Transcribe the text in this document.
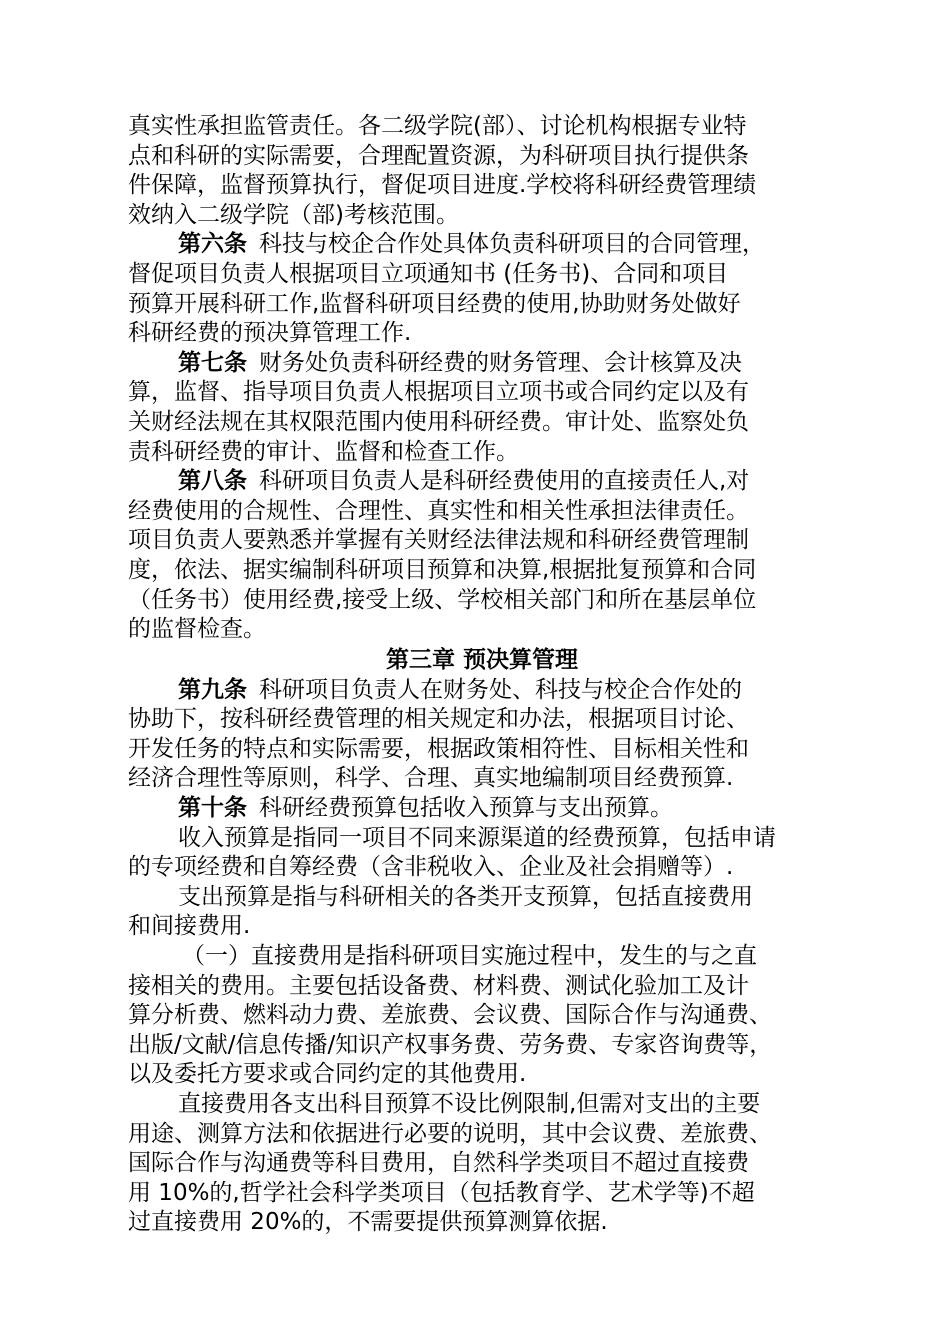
真实性承担监管责任。各二级学院(部）、讨论机构根据专业特
点和科研的实际需要，合理配置资源，为科研项目执行提供条
件保障，监督预算执行，督促项目进度.学校将科研经费管理绩
效纳入二级学院（部)考核范围。
第六条 科技与校企合作处具体负责科研项目的合同管理，
督促项目负责人根据项目立项通知书 (任务书)、合同和项目
预算开展科研工作,监督科研项目经费的使用,协助财务处做好
科研经费的预决算管理工作.
第七条 财务处负责科研经费的财务管理、会计核算及决
算，监督、指导项目负责人根据项目立项书或合同约定以及有
关财经法规在其权限范围内使用科研经费。审计处、监察处负
责科研经费的审计、监督和检查工作。
第八条 科研项目负责人是科研经费使用的直接责任人,对
经费使用的合规性、合理性、真实性和相关性承担法律责任。
项目负责人要熟悉并掌握有关财经法律法规和科研经费管理制
度，依法、据实编制科研项目预算和决算,根据批复预算和合同
（任务书）使用经费,接受上级、学校相关部门和所在基层单位
的监督检查。
第三章 预决算管理
第九条 科研项目负责人在财务处、科技与校企合作处的
协助下，按科研经费管理的相关规定和办法，根据项目讨论、
开发任务的特点和实际需要，根据政策相符性、目标相关性和
经济合理性等原则，科学、合理、真实地编制项目经费预算.
第十条 科研经费预算包括收入预算与支出预算。
收入预算是指同一项目不同来源渠道的经费预算，包括申请
的专项经费和自筹经费（含非税收入、企业及社会捐赠等）.
支出预算是指与科研相关的各类开支预算，包括直接费用
和间接费用.
（一）直接费用是指科研项目实施过程中，发生的与之直
接相关的费用。主要包括设备费、材料费、测试化验加工及计
算分析费、燃料动力费、差旅费、会议费、国际合作与沟通费、
出版/文献/信息传播/知识产权事务费、劳务费、专家咨询费等，
以及委托方要求或合同约定的其他费用.
直接费用各支出科目预算不设比例限制,但需对支出的主要
用途、测算方法和依据进行必要的说明，其中会议费、差旅费、
国际合作与沟通费等科目费用，自然科学类项目不超过直接费
用 10%的,哲学社会科学类项目（包括教育学、艺术学等)不超
过直接费用 20%的，不需要提供预算测算依据.
